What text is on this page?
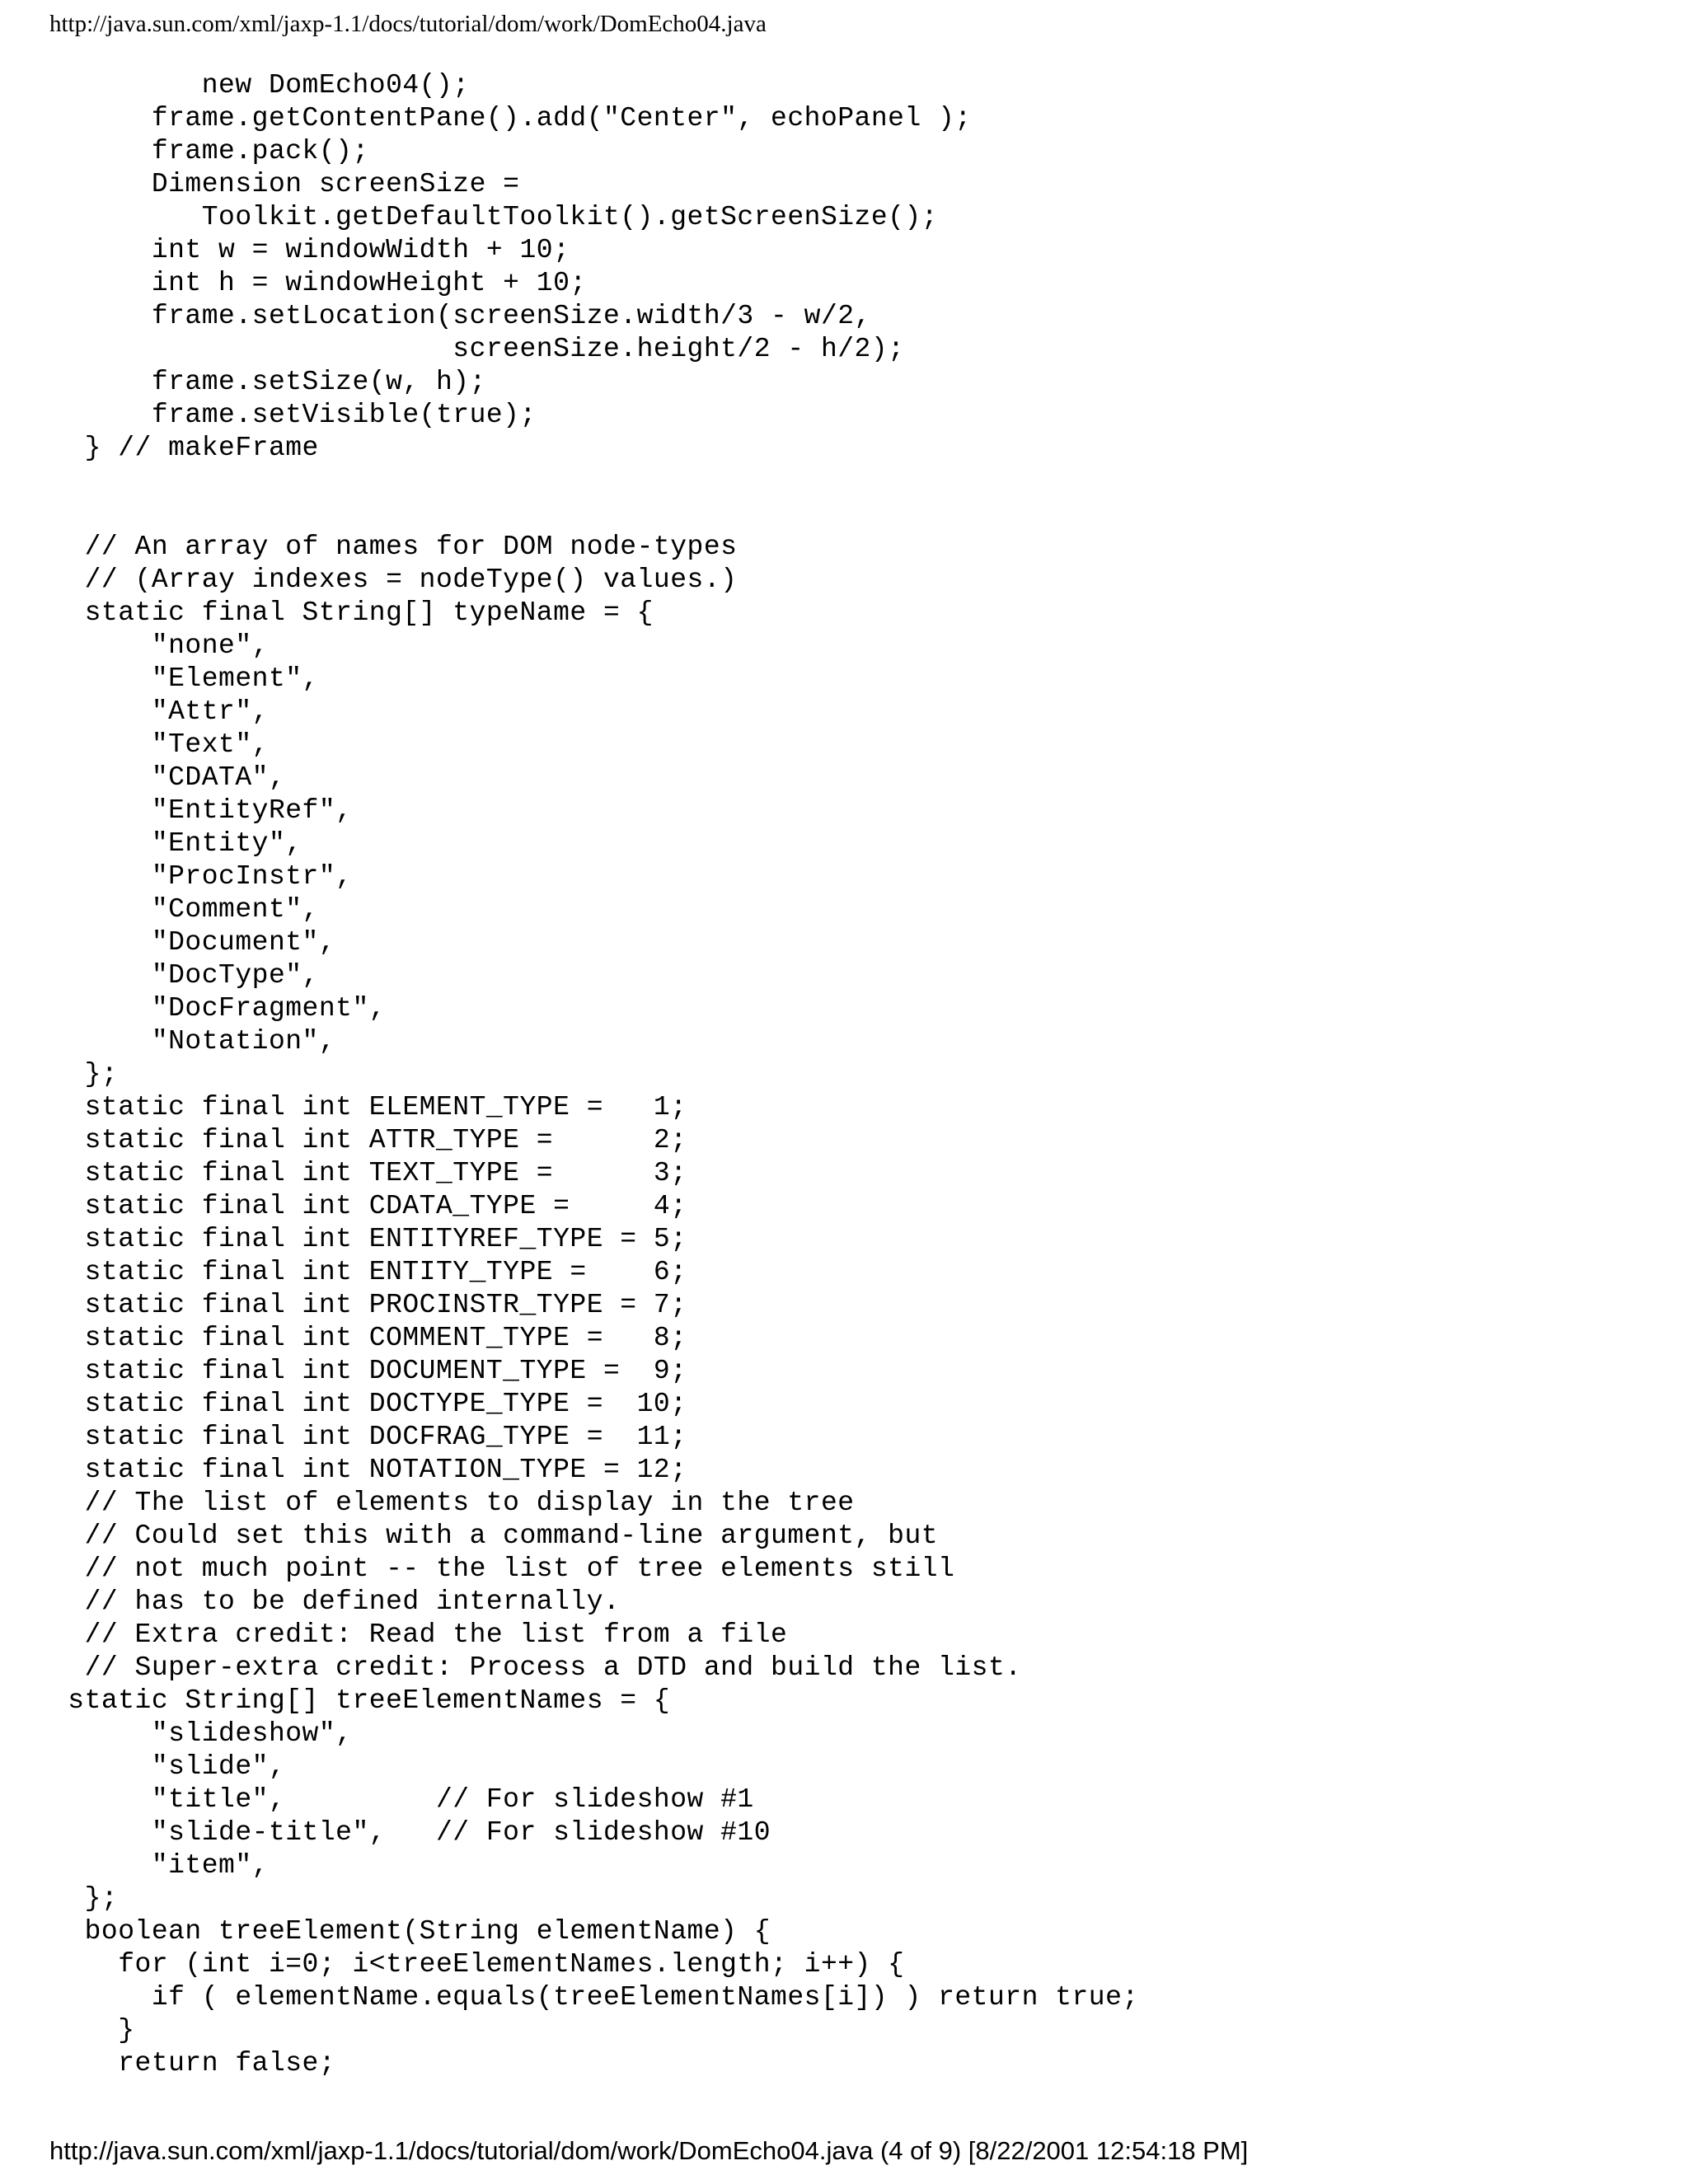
http://java.sun.com/xml/jaxp-1.1/docs/tutorial/dom/work/DomEcho04.java
new DomEcho04();
frame.getContentPane().add("Center", echoPanel );
frame.pack();
Dimension screenSize =
Toolkit.getDefaultToolkit().getScreenSize();
int w = windowWidth + 10;
int h = windowHeight + 10;
frame.setLocation(screenSize.width/3 - w/2,
screenSize.height/2 - h/2);
frame.setSize(w, h);
frame.setVisible(true);
} // makeFrame
// An array of names for DOM node-types
// (Array indexes = nodeType() values.)
static final String[] typeName = {
"none",
"Element",
"Attr",
"Text",
"CDATA",
"EntityRef",
"Entity",
"ProcInstr",
"Comment",
"Document",
"DocType",
"DocFragment",
"Notation",
};
static final int ELEMENT_TYPE =   1;
static final int ATTR_TYPE =      2;
static final int TEXT_TYPE =      3;
static final int CDATA_TYPE =     4;
static final int ENTITYREF_TYPE = 5;
static final int ENTITY_TYPE =    6;
static final int PROCINSTR_TYPE = 7;
static final int COMMENT_TYPE =   8;
static final int DOCUMENT_TYPE =  9;
static final int DOCTYPE_TYPE =  10;
static final int DOCFRAG_TYPE =  11;
static final int NOTATION_TYPE = 12;
// The list of elements to display in the tree
// Could set this with a command-line argument, but
// not much point -- the list of tree elements still
// has to be defined internally.
// Extra credit: Read the list from a file
// Super-extra credit: Process a DTD and build the list.
static String[] treeElementNames = {
"slideshow",
"slide",
"title",         // For slideshow #1
"slide-title",   // For slideshow #10
"item",
};
boolean treeElement(String elementName) {
for (int i=0; i<treeElementNames.length; i++) {
if ( elementName.equals(treeElementNames[i]) ) return true;
}
return false;
http://java.sun.com/xml/jaxp-1.1/docs/tutorial/dom/work/DomEcho04.java (4 of 9) [8/22/2001 12:54:18 PM]
